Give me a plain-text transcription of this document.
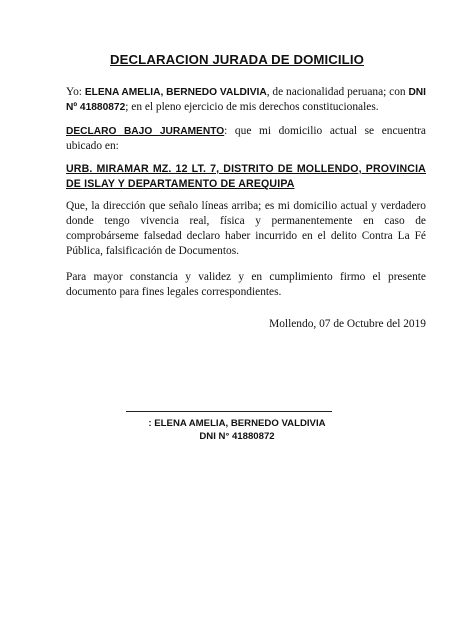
DECLARACION JURADA DE DOMICILIO
Yo: ELENA AMELIA, BERNEDO VALDIVIA, de nacionalidad peruana; con DNI Nº 41880872; en el pleno ejercicio de mis derechos constitucionales.
DECLARO BAJO JURAMENTO: que mi domicilio actual se encuentra ubicado en:
URB. MIRAMAR MZ. 12 LT. 7, DISTRITO DE MOLLENDO, PROVINCIA DE ISLAY Y DEPARTAMENTO DE AREQUIPA
Que, la dirección que señalo líneas arriba; es mi domicilio actual y verdadero donde tengo vivencia real, física y permanentemente en caso de comprobárseme falsedad declaro haber incurrido en el delito Contra La Fé Pública, falsificación de Documentos.
Para mayor constancia y validez y en cumplimiento firmo el presente documento para fines legales correspondientes.
Mollendo, 07 de Octubre del 2019
: ELENA AMELIA, BERNEDO VALDIVIA
DNI N° 41880872
